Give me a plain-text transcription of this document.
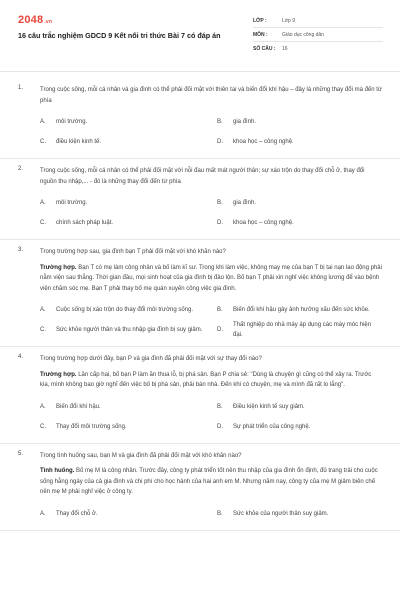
2048.vn
16 câu trắc nghiệm GDCD 9 Kết nối tri thức Bài 7 có đáp án
LỚP :	Lớp 9
MÔN :	Giáo dục công dân
SỐ CÂU :	16
1.	Trong cuộc sống, mỗi cá nhân và gia đình có thể phải đối mặt với thiên tai và biến đổi khí hậu – đây là những thay đổi mà đến từ phía
A.	môi trường.	B.	gia đình.
C.	điều kiện kinh tế.	D.	khoa học – công nghệ.
2.	Trong cuộc sống, mỗi cá nhân có thể phải đối mặt với nỗi đau mất mát người thân; sự xáo trộn do thay đổi chỗ ở, thay đổi nguồn thu nhập,... - đó là những thay đổi đến từ phía
A.	môi trường.	B.	gia đình.
C.	chính sách pháp luật.	D.	khoa học – công nghệ.
3.	Trong trường hợp sau, gia đình bạn T phải đối mặt với khó khăn nào?
Trường hợp. Bạn T có mẹ làm công nhân và bố làm kĩ sư. Trong khi làm việc, không may mẹ của bạn T bị tai nạn lao động phải nằm viện sau thắng. Thời gian đầu, mọi sinh hoạt của gia đình bị đảo lộn. Bố bạn T phải xin nghỉ việc không lương để vào bệnh viện chăm sóc mẹ. Bạn T phải thay bố mẹ quán xuyến công việc gia đình.
A.	Cuộc sống bị xáo trộn do thay đổi môi trường sống.	B.	Biến đổi khí hậu gây ảnh hưởng xấu đến sức khỏe.
C.	Sức khỏe người thân và thu nhập gia đình bị suy giảm.	D.
Thất nghiệp do nhà máy áp dụng các máy móc hiện đại.
4.	Trong trường hợp dưới đây, bạn P và gia đình đã phải đối mặt với sự thay đổi nào?
Trường hợp. Lần cấp hai, bố bạn P làm ăn thua lỗ, bị phá sản. Bạn P chia sẻ: "Dùng là chuyện gì cũng có thể xảy ra. Trước kia, mình không bao giờ nghĩ đến việc bố bị phá sản, phải bán nhà. Đến khi có chuyện, mẹ và mình đã rất lo lắng".
A.	Biến đổi khí hậu.	B.	Điều kiện kinh tế suy giảm.
C.	Thay đổi môi trường sống.	D.	Sự phát triển của công nghệ.
5.	Trong tình huống sau, bạn M và gia đình đã phải đối mặt với khó khăn nào?
Tình huống. Bố mẹ M là công nhân. Trước đây, công ty phát triển tốt nên thu nhập của gia đình ổn định, đủ trang trải cho cuộc sống hằng ngày của cả gia đình và chi phí cho học hành của hai anh em M. Nhưng năm nay, công ty của mẹ M giảm biên chế nên mẹ M phải nghỉ việc ở công ty.
A.	Thay đổi chỗ ở.	B.	Sức khỏe của người thân suy giảm.
